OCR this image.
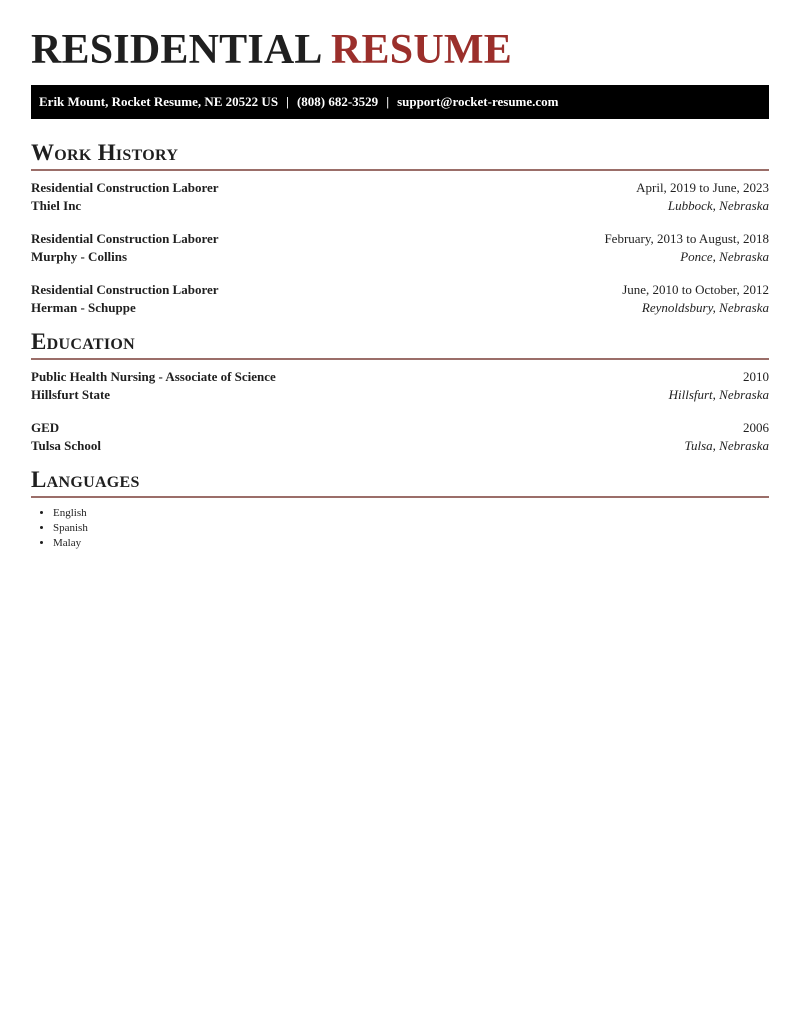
RESIDENTIAL RESUME
Erik Mount, Rocket Resume, NE 20522 US | (808) 682-3529 | support@rocket-resume.com
Work History
Residential Construction Laborer	April, 2019 to June, 2023
Thiel Inc	Lubbock, Nebraska
Residential Construction Laborer	February, 2013 to August, 2018
Murphy - Collins	Ponce, Nebraska
Residential Construction Laborer	June, 2010 to October, 2012
Herman - Schuppe	Reynoldsbury, Nebraska
Education
Public Health Nursing - Associate of Science	2010
Hillsfurt State	Hillsfurt, Nebraska
GED	2006
Tulsa School	Tulsa, Nebraska
Languages
• English
• Spanish
• Malay
